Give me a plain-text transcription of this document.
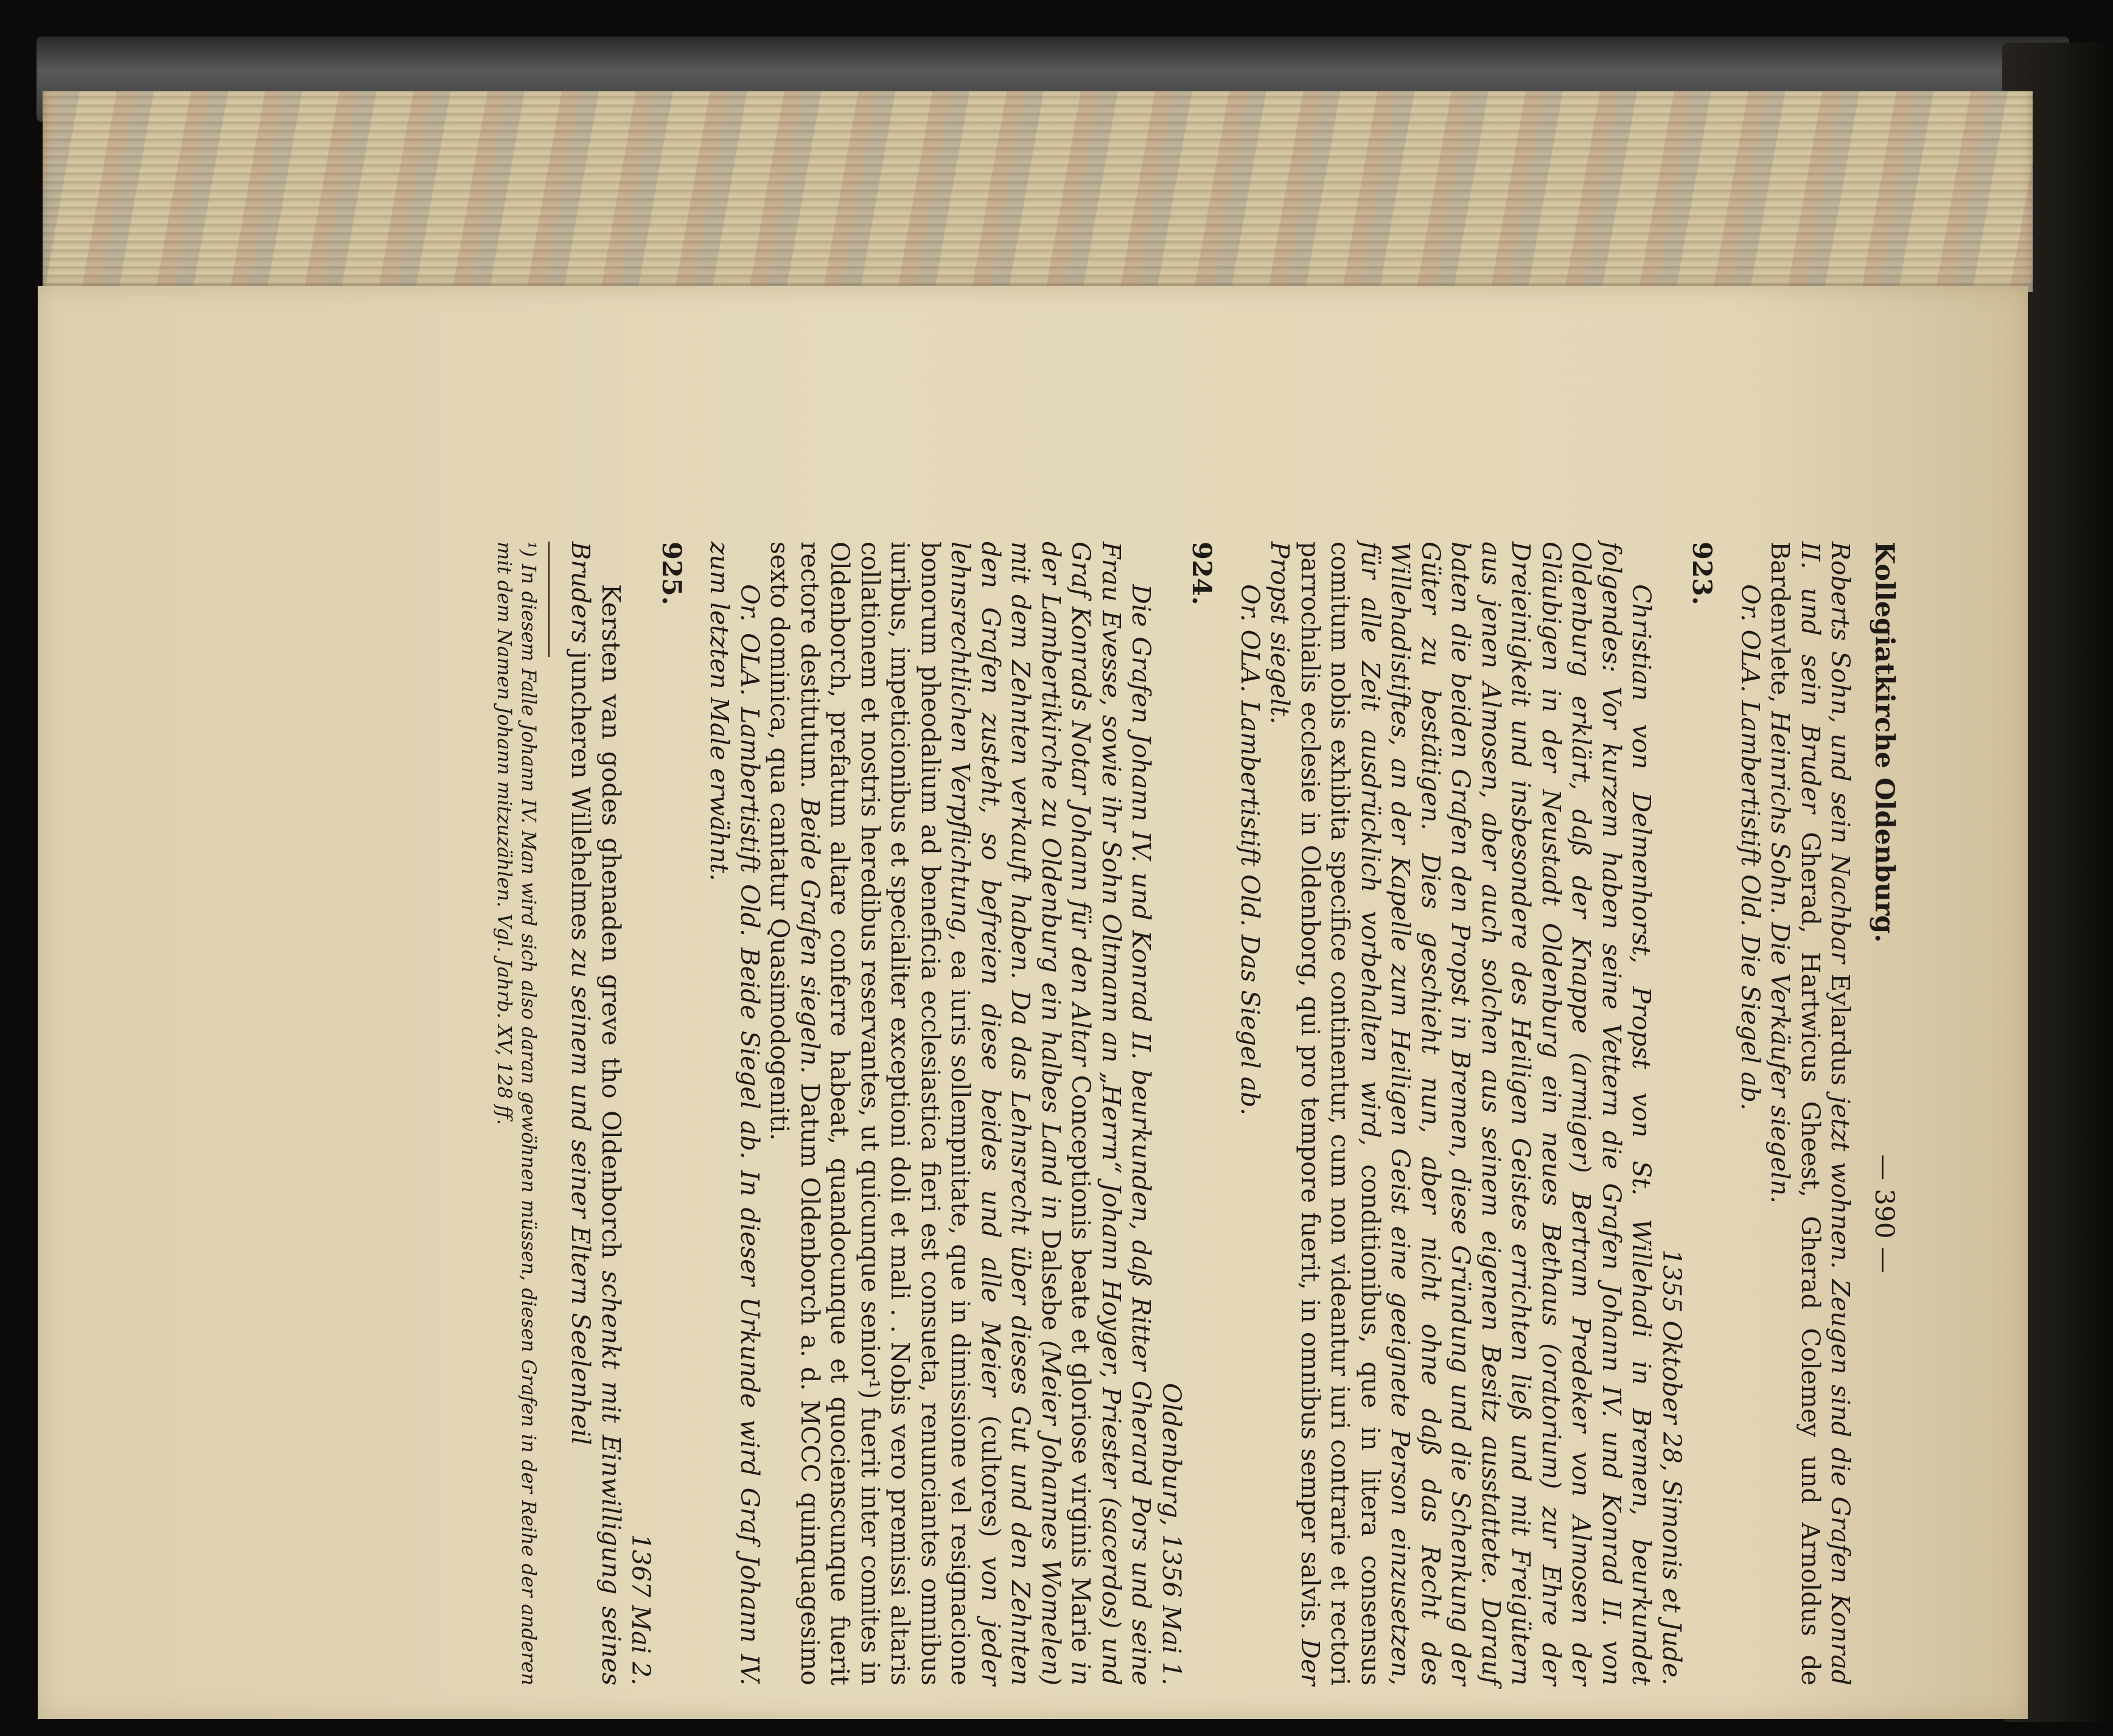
Kollegiatkirche Oldenburg.
— 390 —

Roberts Sohn, und sein Nachbar Eylardus jetzt wohnen. Zeugen sind die Grafen Konrad II. und sein Bruder Gherad, Hartwicus Gheest, Gherad Colemey und Arnoldus de Bardenvlete, Heinrichs Sohn. Die Verkäufer siegeln.

Or. OLA. Lambertistift Old. Die Siegel ab.

923.
1355 Oktober 28, Simonis et Jude.

Christian von Delmenhorst, Propst von St. Willehadi in Bremen, beurkundet folgendes: Vor kurzem haben seine Vettern die Grafen Johann IV. und Konrad II. von Oldenburg erklärt, daß der Knappe (armiger) Bertram Predeker von Almosen der Gläubigen in der Neustadt Oldenburg ein neues Bethaus (oratorium) zur Ehre der Dreieinigkeit und insbesondere des Heiligen Geistes errichten ließ und mit Freigütern aus jenen Almosen, aber auch solchen aus seinem eigenen Besitz ausstattete. Darauf baten die beiden Grafen den Propst in Bremen, diese Gründung und die Schenkung der Güter zu bestätigen. Dies geschieht nun, aber nicht ohne daß das Recht des Willehadistiftes, an der Kapelle zum Heiligen Geist eine geeignete Person einzusetzen, für alle Zeit ausdrücklich vorbehalten wird, conditionibus, que in litera consensus comitum nobis exhibita specifice continentur, cum non videantur iuri contrarie et rectori parrochialis ecclesie in Oldenborg, qui pro tempore fuerit, in omnibus semper salvis. Der Propst siegelt.

Or. OLA. Lambertistift Old. Das Siegel ab.

924.
Oldenburg, 1356 Mai 1.

Die Grafen Johann IV. und Konrad II. beurkunden, daß Ritter Gherard Pors und seine Frau Evesse, sowie ihr Sohn Oltmann an „Herrn“ Johann Hoyger, Priester (sacerdos) und Graf Konrads Notar Johann für den Altar Conceptionis beate et gloriose virginis Marie in der Lambertikirche zu Oldenburg ein halbes Land in Dalsebe (Meier Johannes Womelen) mit dem Zehnten verkauft haben. Da das Lehnsrecht über dieses Gut und den Zehnten den Grafen zusteht, so befreien diese beides und alle Meier (cultores) von jeder lehnsrechtlichen Verpflichtung, ea iuris sollempnitate, que in dimissione vel resignacione bonorum pheodalium ad beneficia ecclesiastica fieri est consueta, renunciantes omnibus iuribus, impeticionibus et specialiter exceptioni doli et mali . . Nobis vero premissi altaris collationem et nostris heredibus reservantes, ut quicunque senior¹) fuerit inter comites in Oldenborch, prefatum altare conferre habeat, quandocunque et quocienscunque fuerit rectore destitutum. Beide Grafen siegeln. Datum Oldenborch a. d. MCCC quinquagesimo sexto dominica, qua cantatur Quasimodogeniti.

Or. OLA. Lambertistift Old. Beide Siegel ab. In dieser Urkunde wird Graf Johann IV. zum letzten Male erwähnt.

925.
1367 Mai 2.

Kersten van godes ghenaden greve tho Oldenborch schenkt mit Einwilligung seines Bruders juncheren Willehelmes zu seinem und seiner Eltern Seelenheil

¹) In diesem Falle Johann IV. Man wird sich also daran gewöhnen müssen, diesen Grafen in der Reihe der anderen mit dem Namen Johann mitzuzählen. Vgl. Jahrb. XV, 128 ff.
